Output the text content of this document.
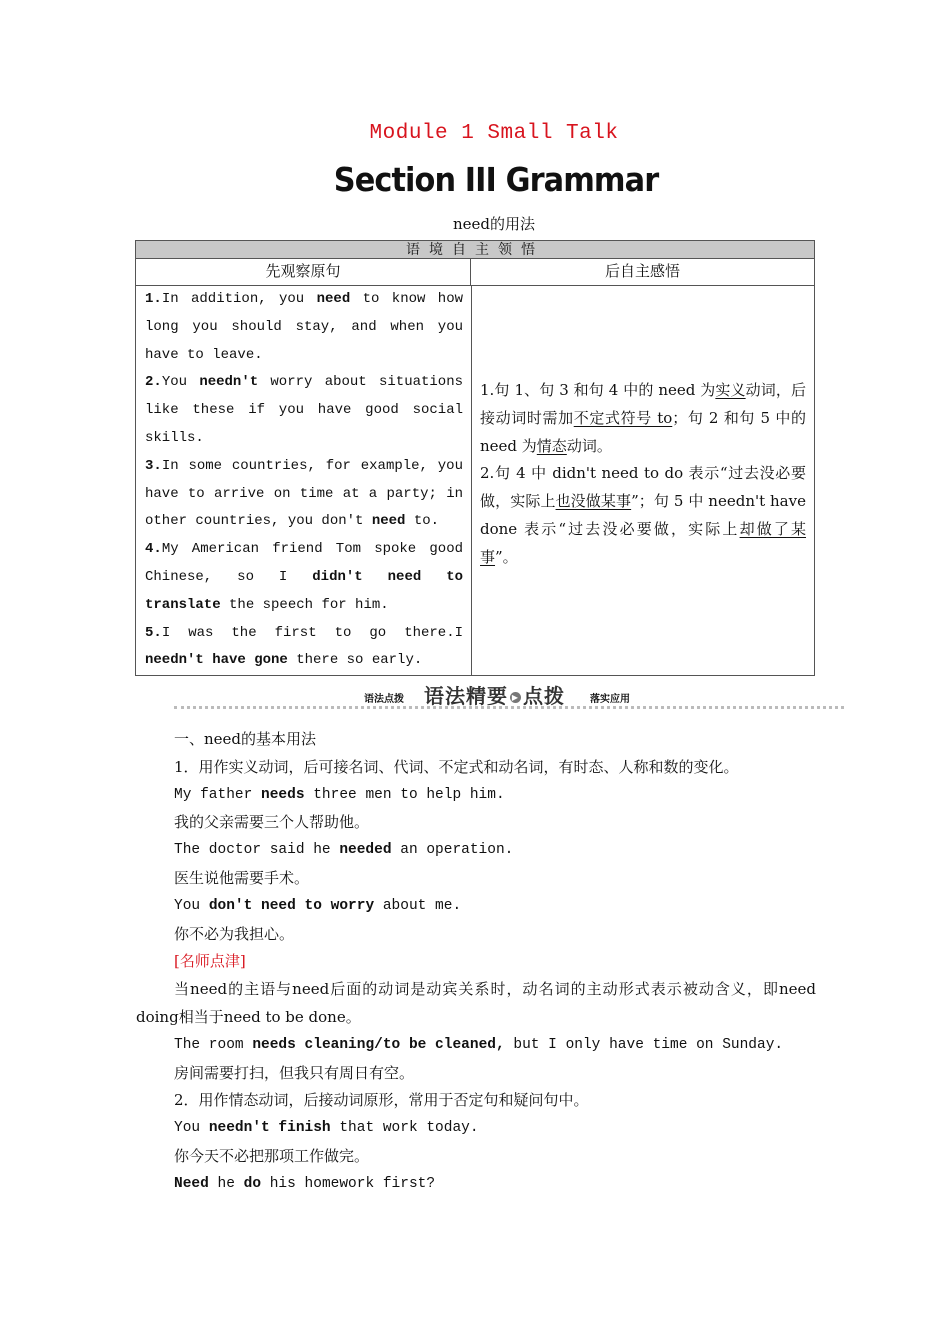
Module 1 Small Talk
Section III Grammar
need的用法
语境自主领悟
先观察原句	后自主感悟

1.In addition, you need to know how long you should stay, and when you have to leave.

2.You needn't worry about situations like these if you have good social skills.

3.In some countries, for example, you have to arrive on time at a party; in other countries, you don't need to.

4.My American friend Tom spoke good Chinese, so I didn't need to translate the speech for him.

5.I was the first to go there.I needn't have gone there so early.

1.句 1、句 3 和句 4 中的 need 为实义动词，后接动词时需加不定式符号 to；句 2 和句 5 中的 need 为情态动词。

2.句 4 中 didn't need to do 表示“过去没必要做，实际上也没做某事”；句 5 中 needn't have done 表示“过去没必要做，实际上却做了某事”。

语法点拨 语法精要 ▶ 点拨	落实应用

一、need的基本用法

1．用作实义动词，后可接名词、代词、不定式和动名词，有时态、人称和数的变化。

My father needs three men to help him.

我的父亲需要三个人帮助他。

The doctor said he needed an operation.

医生说他需要手术。

You don't need to worry about me.

你不必为我担心。

[名师点津]

当need的主语与need后面的动词是动宾关系时，动名词的主动形式表示被动含义，即need doing相当于need to be done。

The room needs cleaning/to be cleaned, but I only have time on Sunday.

房间需要打扫，但我只有周日有空。

2．用作情态动词，后接动词原形，常用于否定句和疑问句中。

You needn't finish that work today.

你今天不必把那项工作做完。

Need he do his homework first?
